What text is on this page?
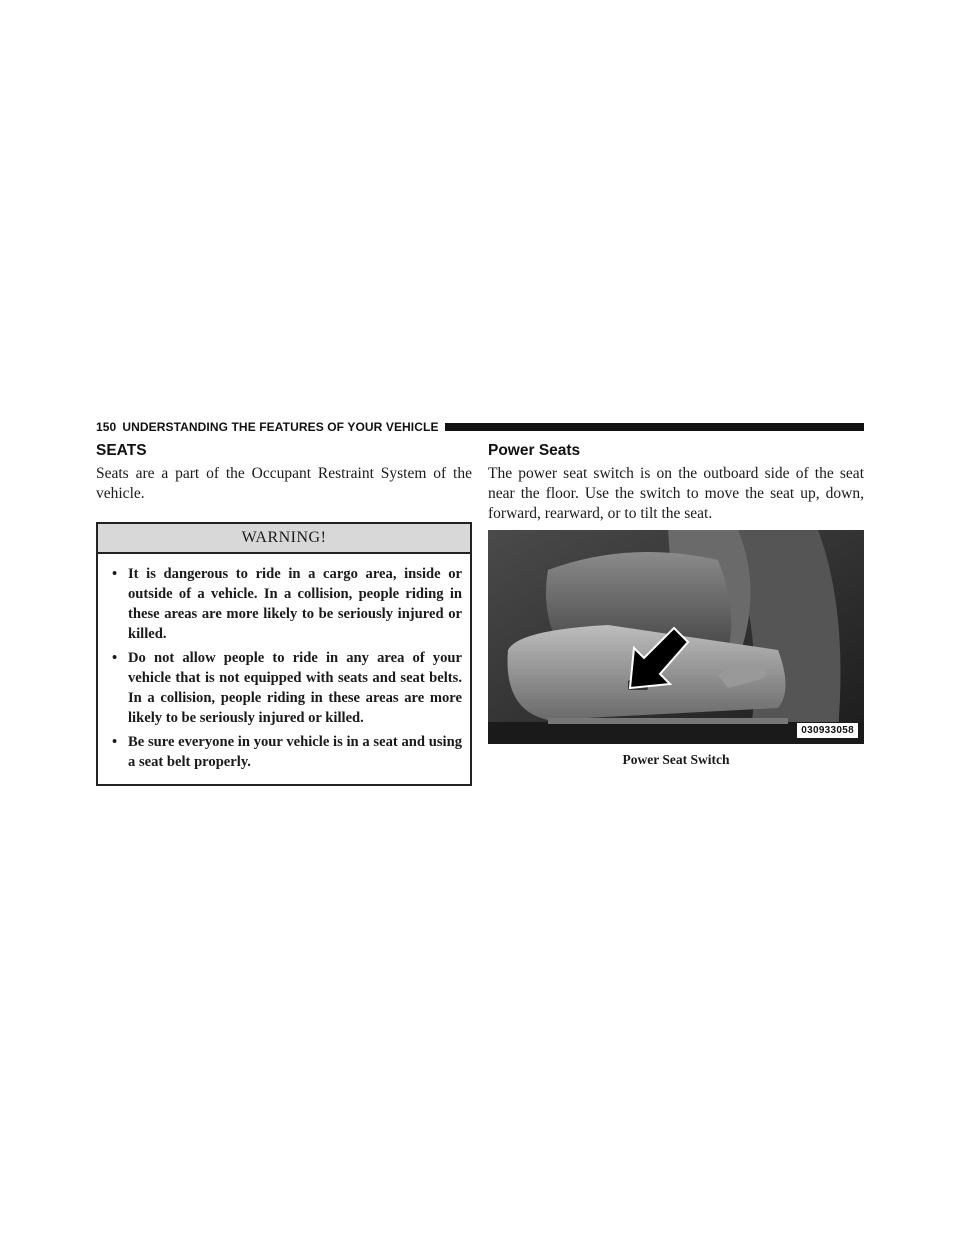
150 UNDERSTANDING THE FEATURES OF YOUR VEHICLE
SEATS

Seats are a part of the Occupant Restraint System of the vehicle.

WARNING!
• It is dangerous to ride in a cargo area, inside or outside of a vehicle. In a collision, people riding in these areas are more likely to be seriously injured or killed.
• Do not allow people to ride in any area of your vehicle that is not equipped with seats and seat belts. In a collision, people riding in these areas are more likely to be seriously injured or killed.
• Be sure everyone in your vehicle is in a seat and using a seat belt properly.
Power Seats

The power seat switch is on the outboard side of the seat near the floor. Use the switch to move the seat up, down, forward, rearward, or to tilt the seat.

030933058
Power Seat Switch
